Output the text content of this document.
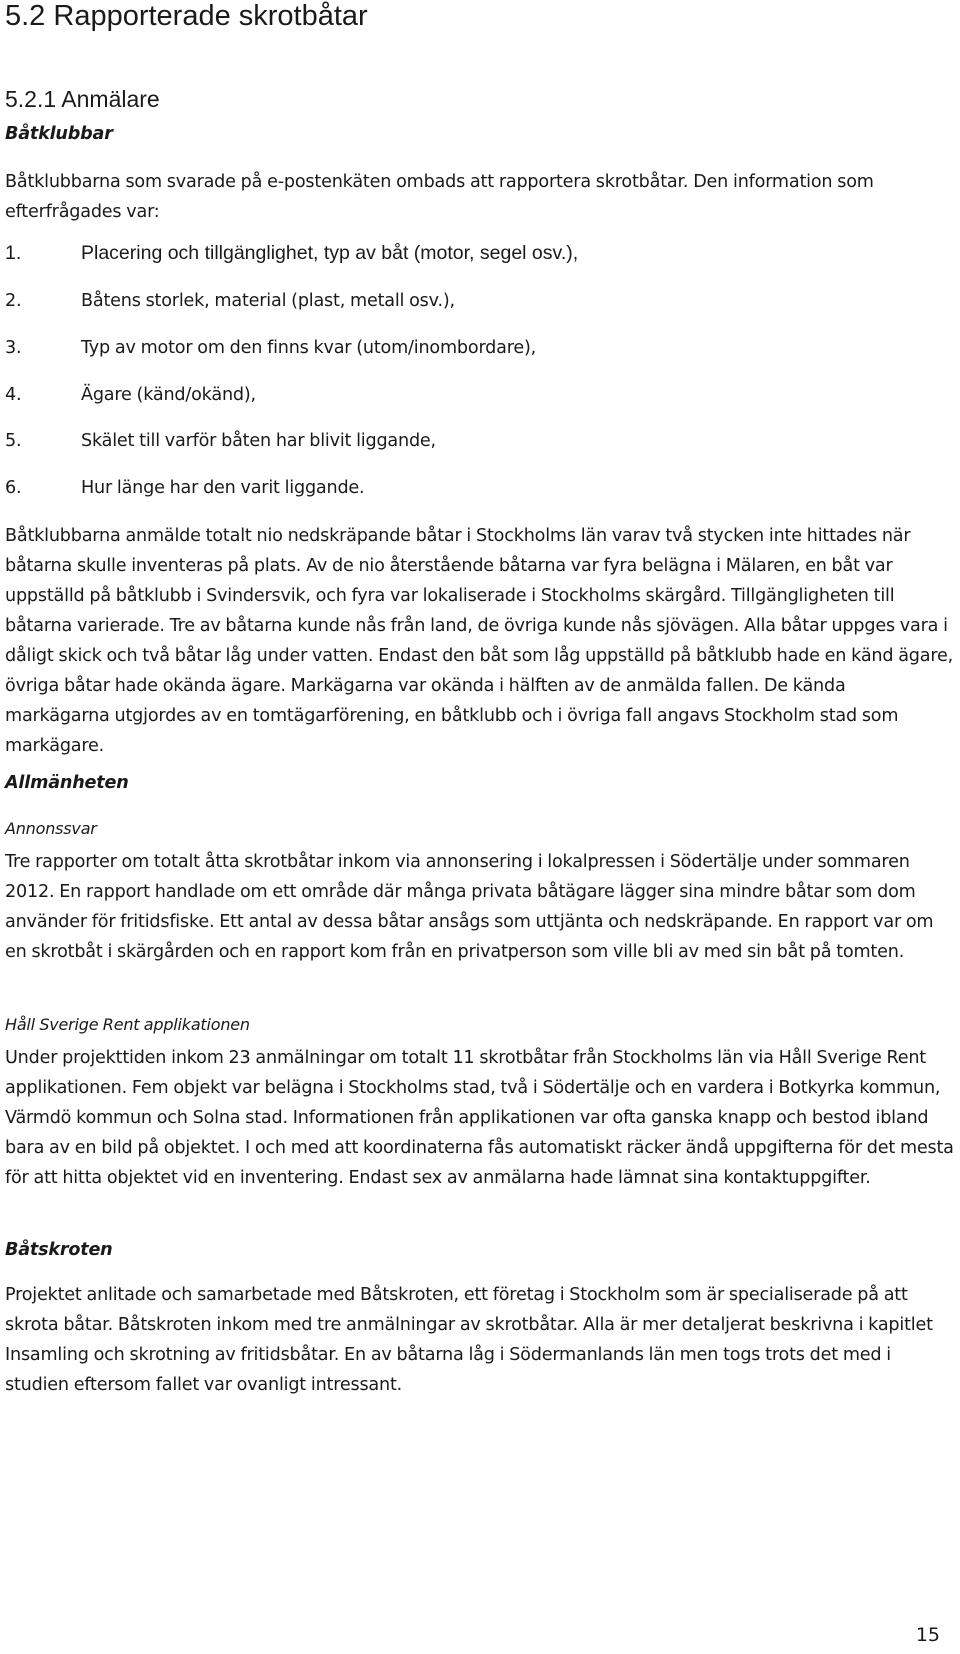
5.2 Rapporterade skrotbåtar
5.2.1 Anmälare
Båtklubbar

Båtklubbarna som svarade på e-postenkäten ombads att rapportera skrotbåtar. Den information som efterfrågades var:

1.	Placering och tillgänglighet, typ av båt (motor, segel osv.),
2.	Båtens storlek, material (plast, metall osv.),
3.	Typ av motor om den finns kvar (utom/inombordare),
4.	Ägare (känd/okänd),
5.	Skälet till varför båten har blivit liggande,
6.	Hur länge har den varit liggande.

Båtklubbarna anmälde totalt nio nedskräpande båtar i Stockholms län varav två stycken inte hittades när båtarna skulle inventeras på plats. Av de nio återstående båtarna var fyra belägna i Mälaren, en båt var uppställd på båtklubb i Svindersvik, och fyra var lokaliserade i Stockholms skärgård. Tillgängligheten till båtarna varierade. Tre av båtarna kunde nås från land, de övriga kunde nås sjövägen. Alla båtar uppges vara i dåligt skick och två båtar låg under vatten. Endast den båt som låg uppställd på båtklubb hade en känd ägare, övriga båtar hade okända ägare. Markägarna var okända i hälften av de anmälda fallen. De kända markägarna utgjordes av en tomtägarförening, en båtklubb och i övriga fall angavs Stockholm stad som markägare.

Allmänheten
Annonssvar

Tre rapporter om totalt åtta skrotbåtar inkom via annonsering i lokalpressen i Södertälje under sommaren 2012. En rapport handlade om ett område där många privata båtägare lägger sina mindre båtar som dom använder för fritidsfiske. Ett antal av dessa båtar ansågs som uttjänta och nedskräpande. En rapport var om en skrotbåt i skärgården och en rapport kom från en privatperson som ville bli av med sin båt på tomten.

Håll Sverige Rent applikationen

Under projekttiden inkom 23 anmälningar om totalt 11 skrotbåtar från Stockholms län via Håll Sverige Rent applikationen. Fem objekt var belägna i Stockholms stad, två i Södertälje och en vardera i Botkyrka kommun, Värmdö kommun och Solna stad. Informationen från applikationen var ofta ganska knapp och bestod ibland bara av en bild på objektet. I och med att koordinaterna fås automatiskt räcker ändå uppgifterna för det mesta för att hitta objektet vid en inventering. Endast sex av anmälarna hade lämnat sina kontaktuppgifter.

Båtskroten

Projektet anlitade och samarbetade med Båtskroten, ett företag i Stockholm som är specialiserade på att skrota båtar. Båtskroten inkom med tre anmälningar av skrotbåtar. Alla är mer detaljerat beskrivna i kapitlet Insamling och skrotning av fritidsbåtar. En av båtarna låg i Södermanlands län men togs trots det med i studien eftersom fallet var ovanligt intressant.

15
